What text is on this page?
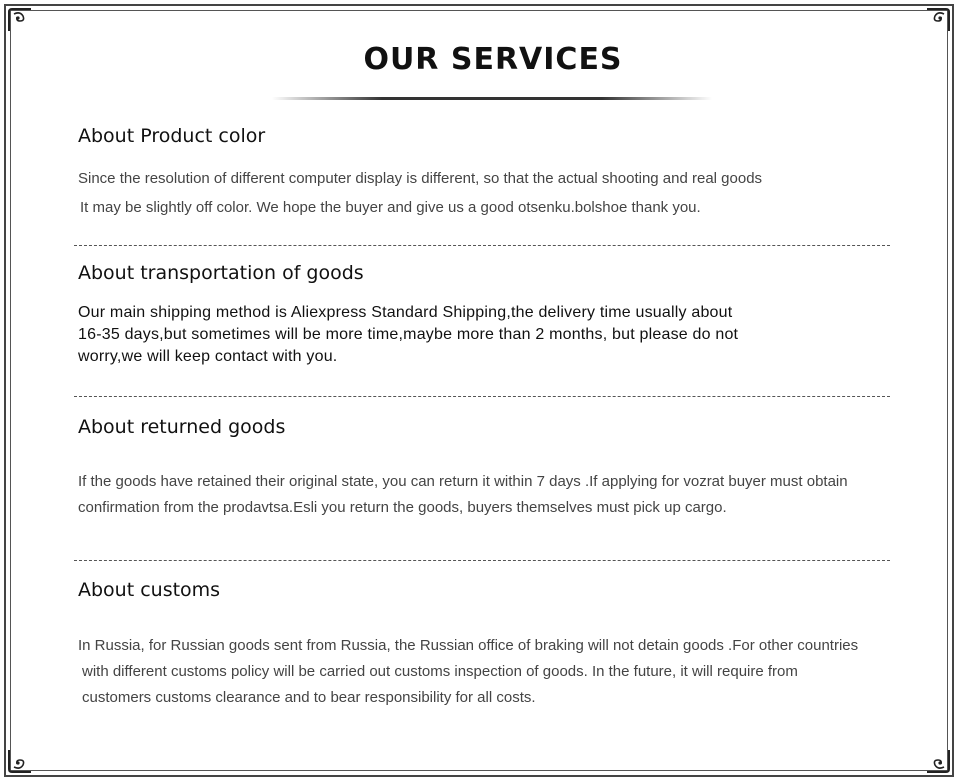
OUR SERVICES
About Product color
Since the resolution of different computer display is different, so that the actual shooting and real goods
It may be slightly off color. We hope the buyer and give us a good otsenku.bolshoe thank you.
About transportation of goods
Our main shipping method is Aliexpress Standard Shipping,the delivery time usually about
16-35 days,but sometimes will be more time,maybe more than 2 months, but please do not
worry,we will keep contact with you.
About returned goods
If the goods have retained their original state, you can return it within 7 days .If applying for vozrat buyer must obtain
confirmation from the prodavtsa.Esli you return the goods, buyers themselves must pick up cargo.
About customs
In Russia, for Russian goods sent from Russia, the Russian office of braking will not detain goods .For other countries
with different customs policy will be carried out customs inspection of goods. In the future, it will require from
customers customs clearance and to bear responsibility for all costs.
